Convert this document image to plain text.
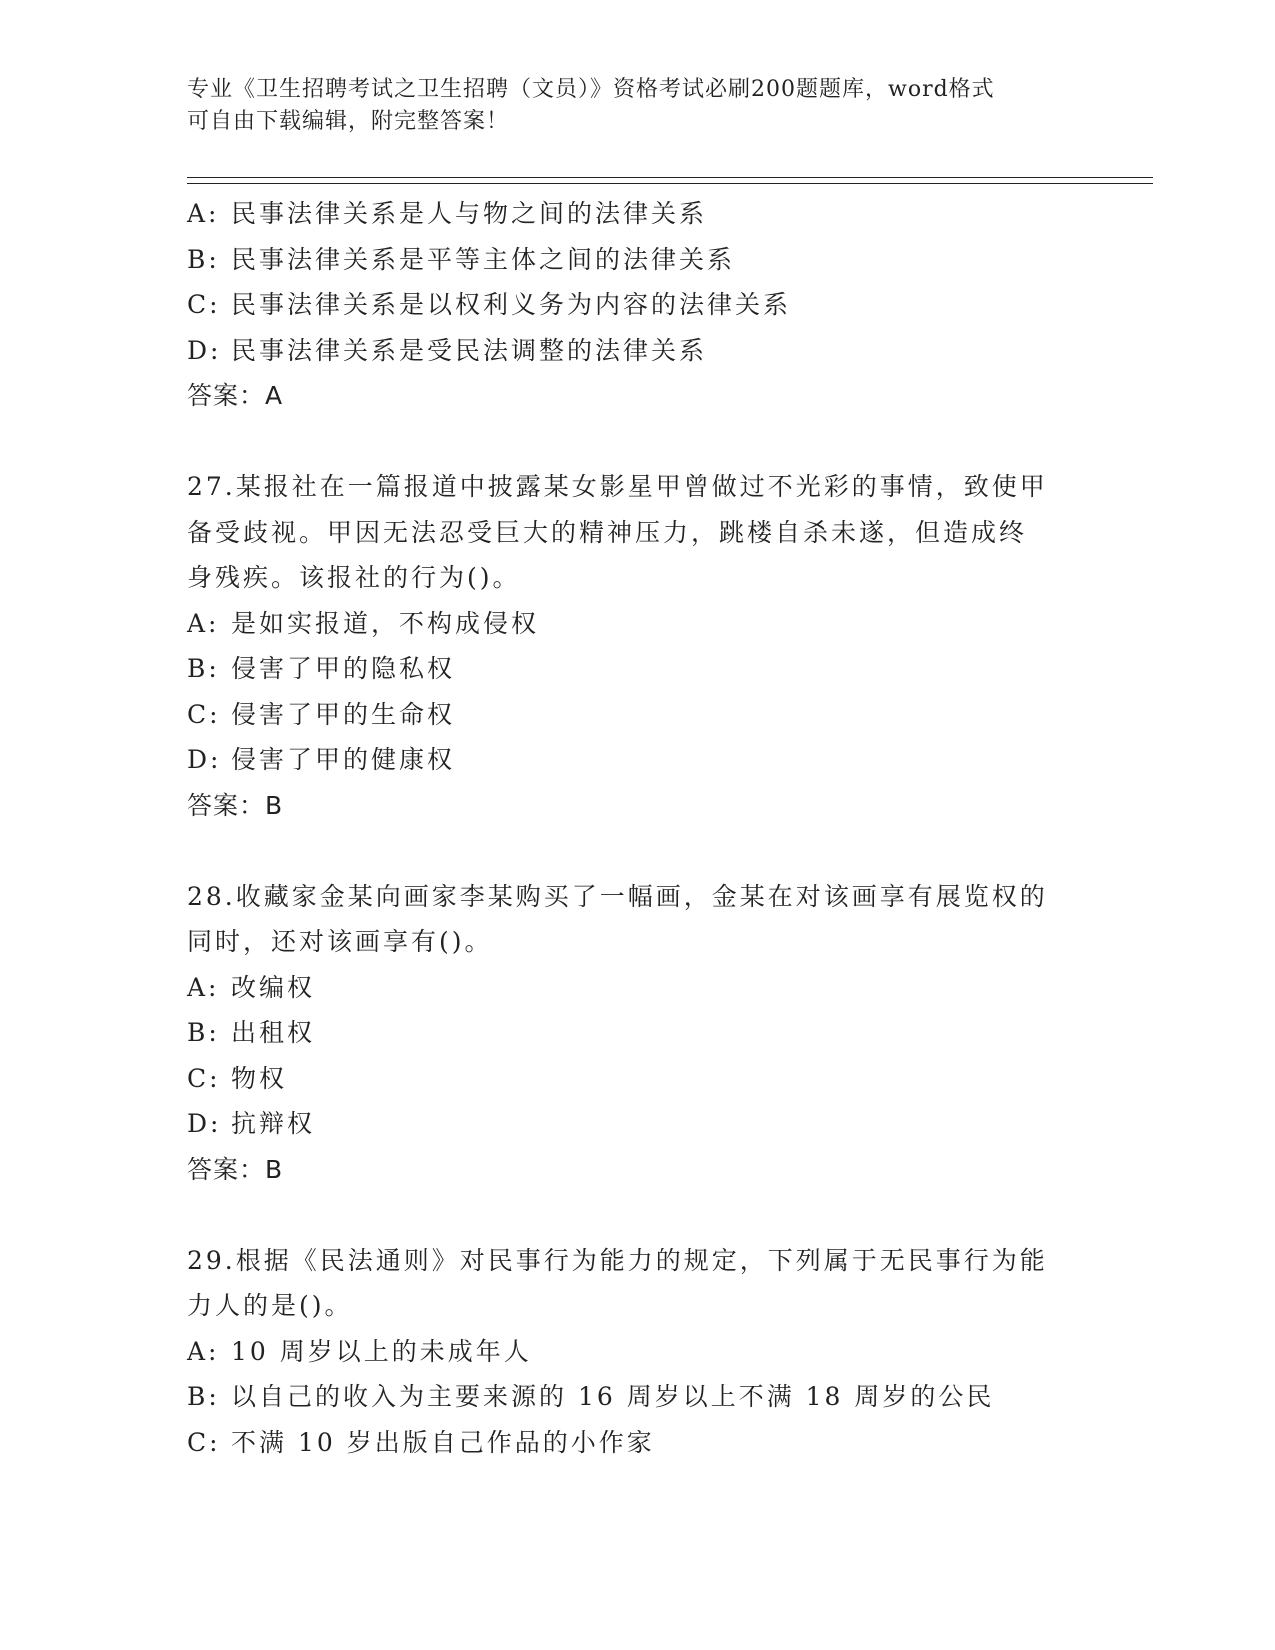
专业《卫生招聘考试之卫生招聘（文员）》资格考试必刷200题题库，word格式
可自由下载编辑，附完整答案！
A: 民事法律关系是人与物之间的法律关系
B: 民事法律关系是平等主体之间的法律关系
C: 民事法律关系是以权利义务为内容的法律关系
D: 民事法律关系是受民法调整的法律关系
答案：A
27.某报社在一篇报道中披露某女影星甲曾做过不光彩的事情，致使甲
备受歧视。甲因无法忍受巨大的精神压力，跳楼自杀未遂，但造成终
身残疾。该报社的行为()。
A: 是如实报道，不构成侵权
B: 侵害了甲的隐私权
C: 侵害了甲的生命权
D: 侵害了甲的健康权
答案：B
28.收藏家金某向画家李某购买了一幅画，金某在对该画享有展览权的
同时，还对该画享有()。
A: 改编权
B: 出租权
C: 物权
D: 抗辩权
答案：B
29.根据《民法通则》对民事行为能力的规定，下列属于无民事行为能
力人的是()。
A: 10 周岁以上的未成年人
B: 以自己的收入为主要来源的 16 周岁以上不满 18 周岁的公民
C: 不满 10 岁出版自己作品的小作家
